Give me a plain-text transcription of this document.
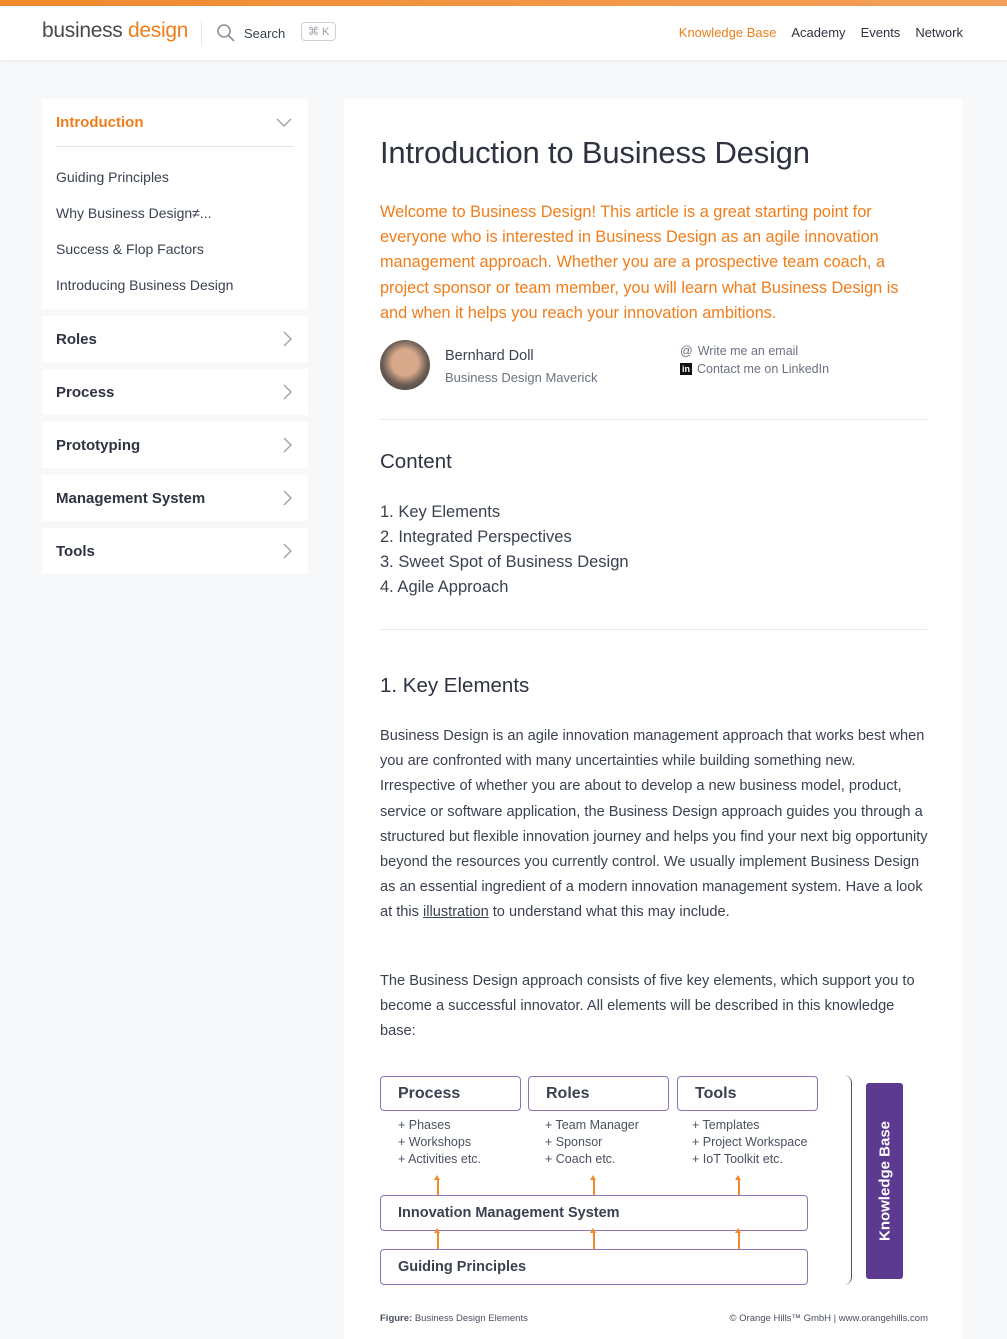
business design	Search	⌘ K	Knowledge Base Academy Events Network
Introduction
Guiding Principles
Why Business Design≠...
Success & Flop Factors
Introducing Business Design
Roles
Process
Prototyping
Management System
Tools
Introduction to Business Design

Welcome to Business Design! This article is a great starting point for everyone who is interested in Business Design as an agile innovation management approach. Whether you are a prospective team coach, a project sponsor or team member, you will learn what Business Design is and when it helps you reach your innovation ambitions.

Bernhard Doll
Business Design Maverick
@ Write me an email
in Contact me on LinkedIn
Content
1. Key Elements
2. Integrated Perspectives
3. Sweet Spot of Business Design
4. Agile Approach
1. Key Elements

Business Design is an agile innovation management approach that works best when you are confronted with many uncertainties while building something new. Irrespective of whether you are about to develop a new business model, product, service or software application, the Business Design approach guides you through a structured but flexible innovation journey and helps you find your next big opportunity beyond the resources you currently control. We usually implement Business Design as an essential ingredient of a modern innovation management system. Have a look at this illustration to understand what this may include.

The Business Design approach consists of five key elements, which support you to become a successful innovator. All elements will be described in this knowledge base:

Process	Roles	Tools
+ Phases
+ Workshops
+ Activities etc.
+ Team Manager
+ Sponsor
+ Coach etc.
+ Templates
+ Project Workspace
+ IoT Toolkit etc.
Innovation Management System
Guiding Principles
Knowledge Base
Figure: Business Design Elements	© Orange Hills™ GmbH | www.orangehills.com
